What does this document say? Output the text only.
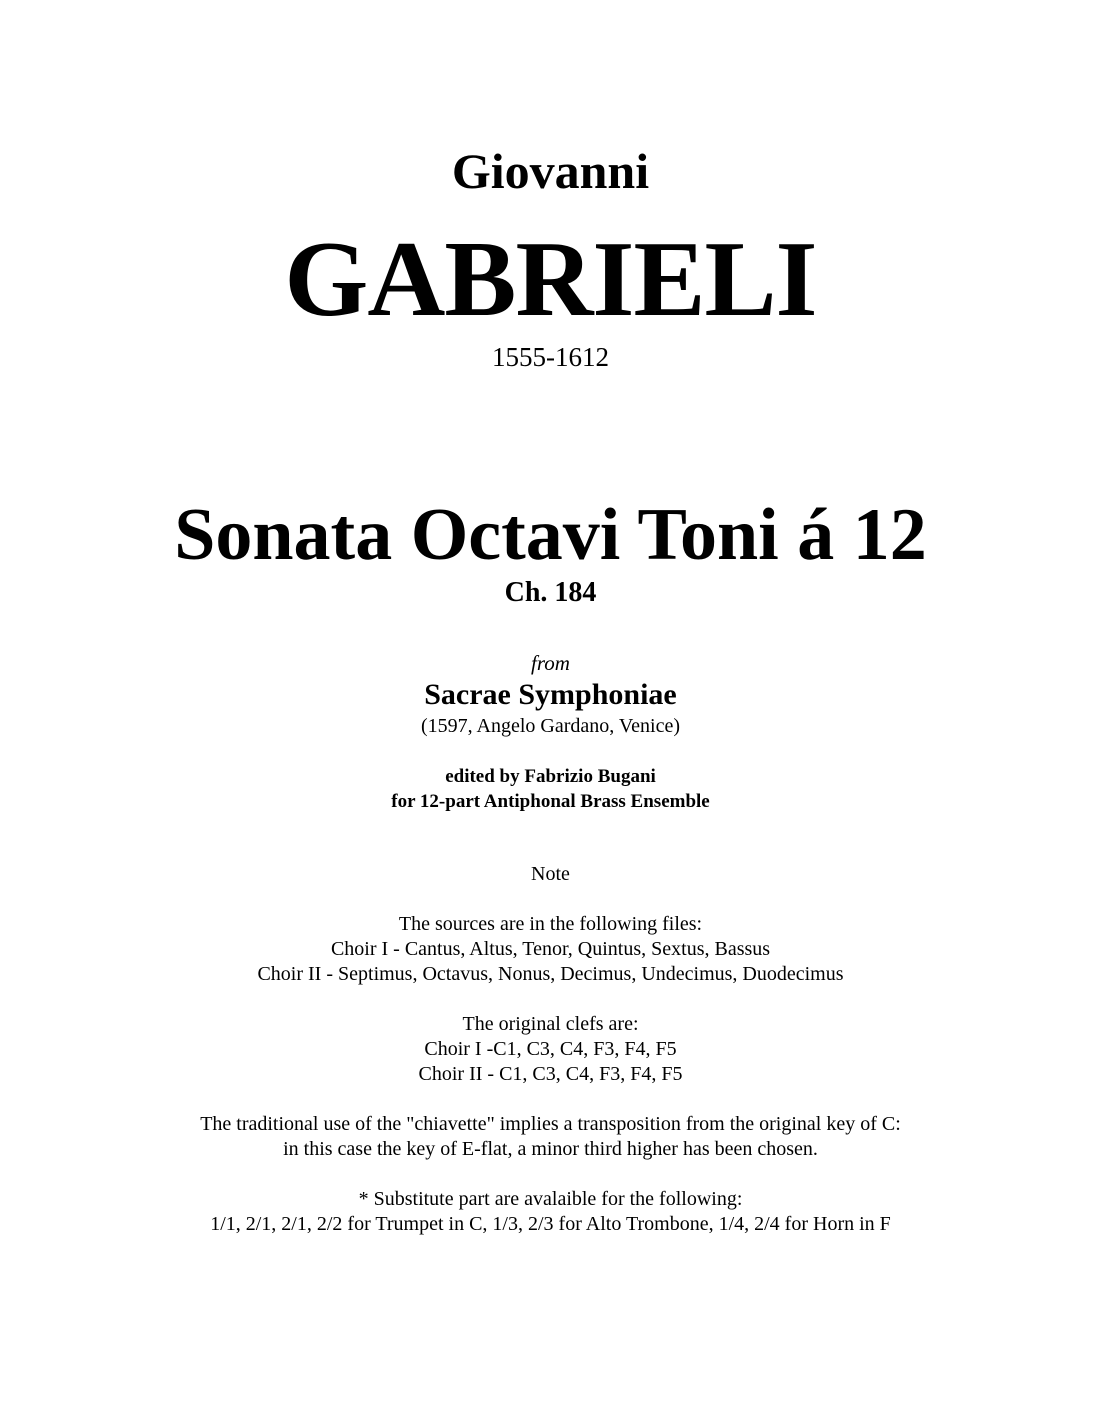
Giovanni
GABRIELI
1555-1612
Sonata Octavi Toni á 12
Ch. 184
from
Sacrae Symphoniae
(1597, Angelo Gardano, Venice)
edited by Fabrizio Bugani
for 12-part Antiphonal Brass Ensemble

Note

The sources are in the following files:

Choir I - Cantus, Altus, Tenor, Quintus, Sextus, Bassus

Choir II - Septimus, Octavus, Nonus, Decimus, Undecimus, Duodecimus

The original clefs are:

Choir I -C1, C3, C4, F3, F4, F5

Choir II - C1, C3, C4, F3, F4, F5

The traditional use of the "chiavette" implies a transposition from the original key of C:

in this case the key of E-flat, a minor third higher has been chosen.

* Substitute part are avalaible for the following:

1/1, 2/1, 2/1, 2/2 for Trumpet in C, 1/3, 2/3 for Alto Trombone, 1/4, 2/4 for Horn in F
